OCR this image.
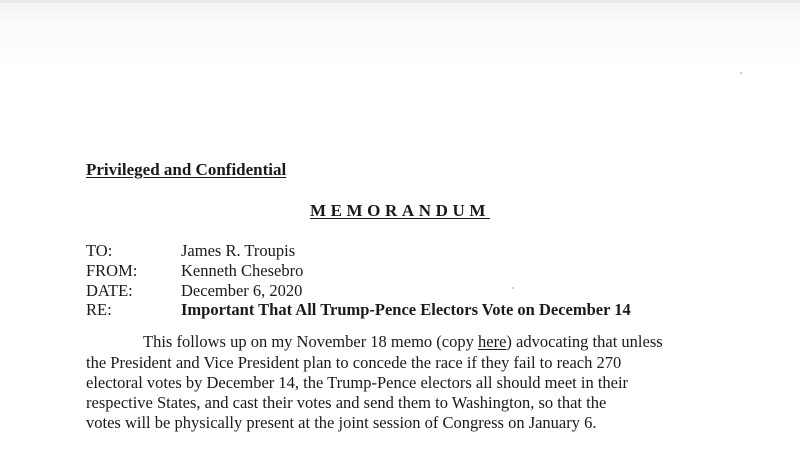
Privileged and Confidential
MEMORANDUM
TO:	James R. Troupis
FROM:	Kenneth Chesebro
DATE:	December 6, 2020
RE:	Important That All Trump-Pence Electors Vote on December 14
This follows up on my November 18 memo (copy here) advocating that unless
the President and Vice President plan to concede the race if they fail to reach 270
electoral votes by December 14, the Trump-Pence electors all should meet in their
respective States, and cast their votes and send them to Washington, so that the
votes will be physically present at the joint session of Congress on January 6.
